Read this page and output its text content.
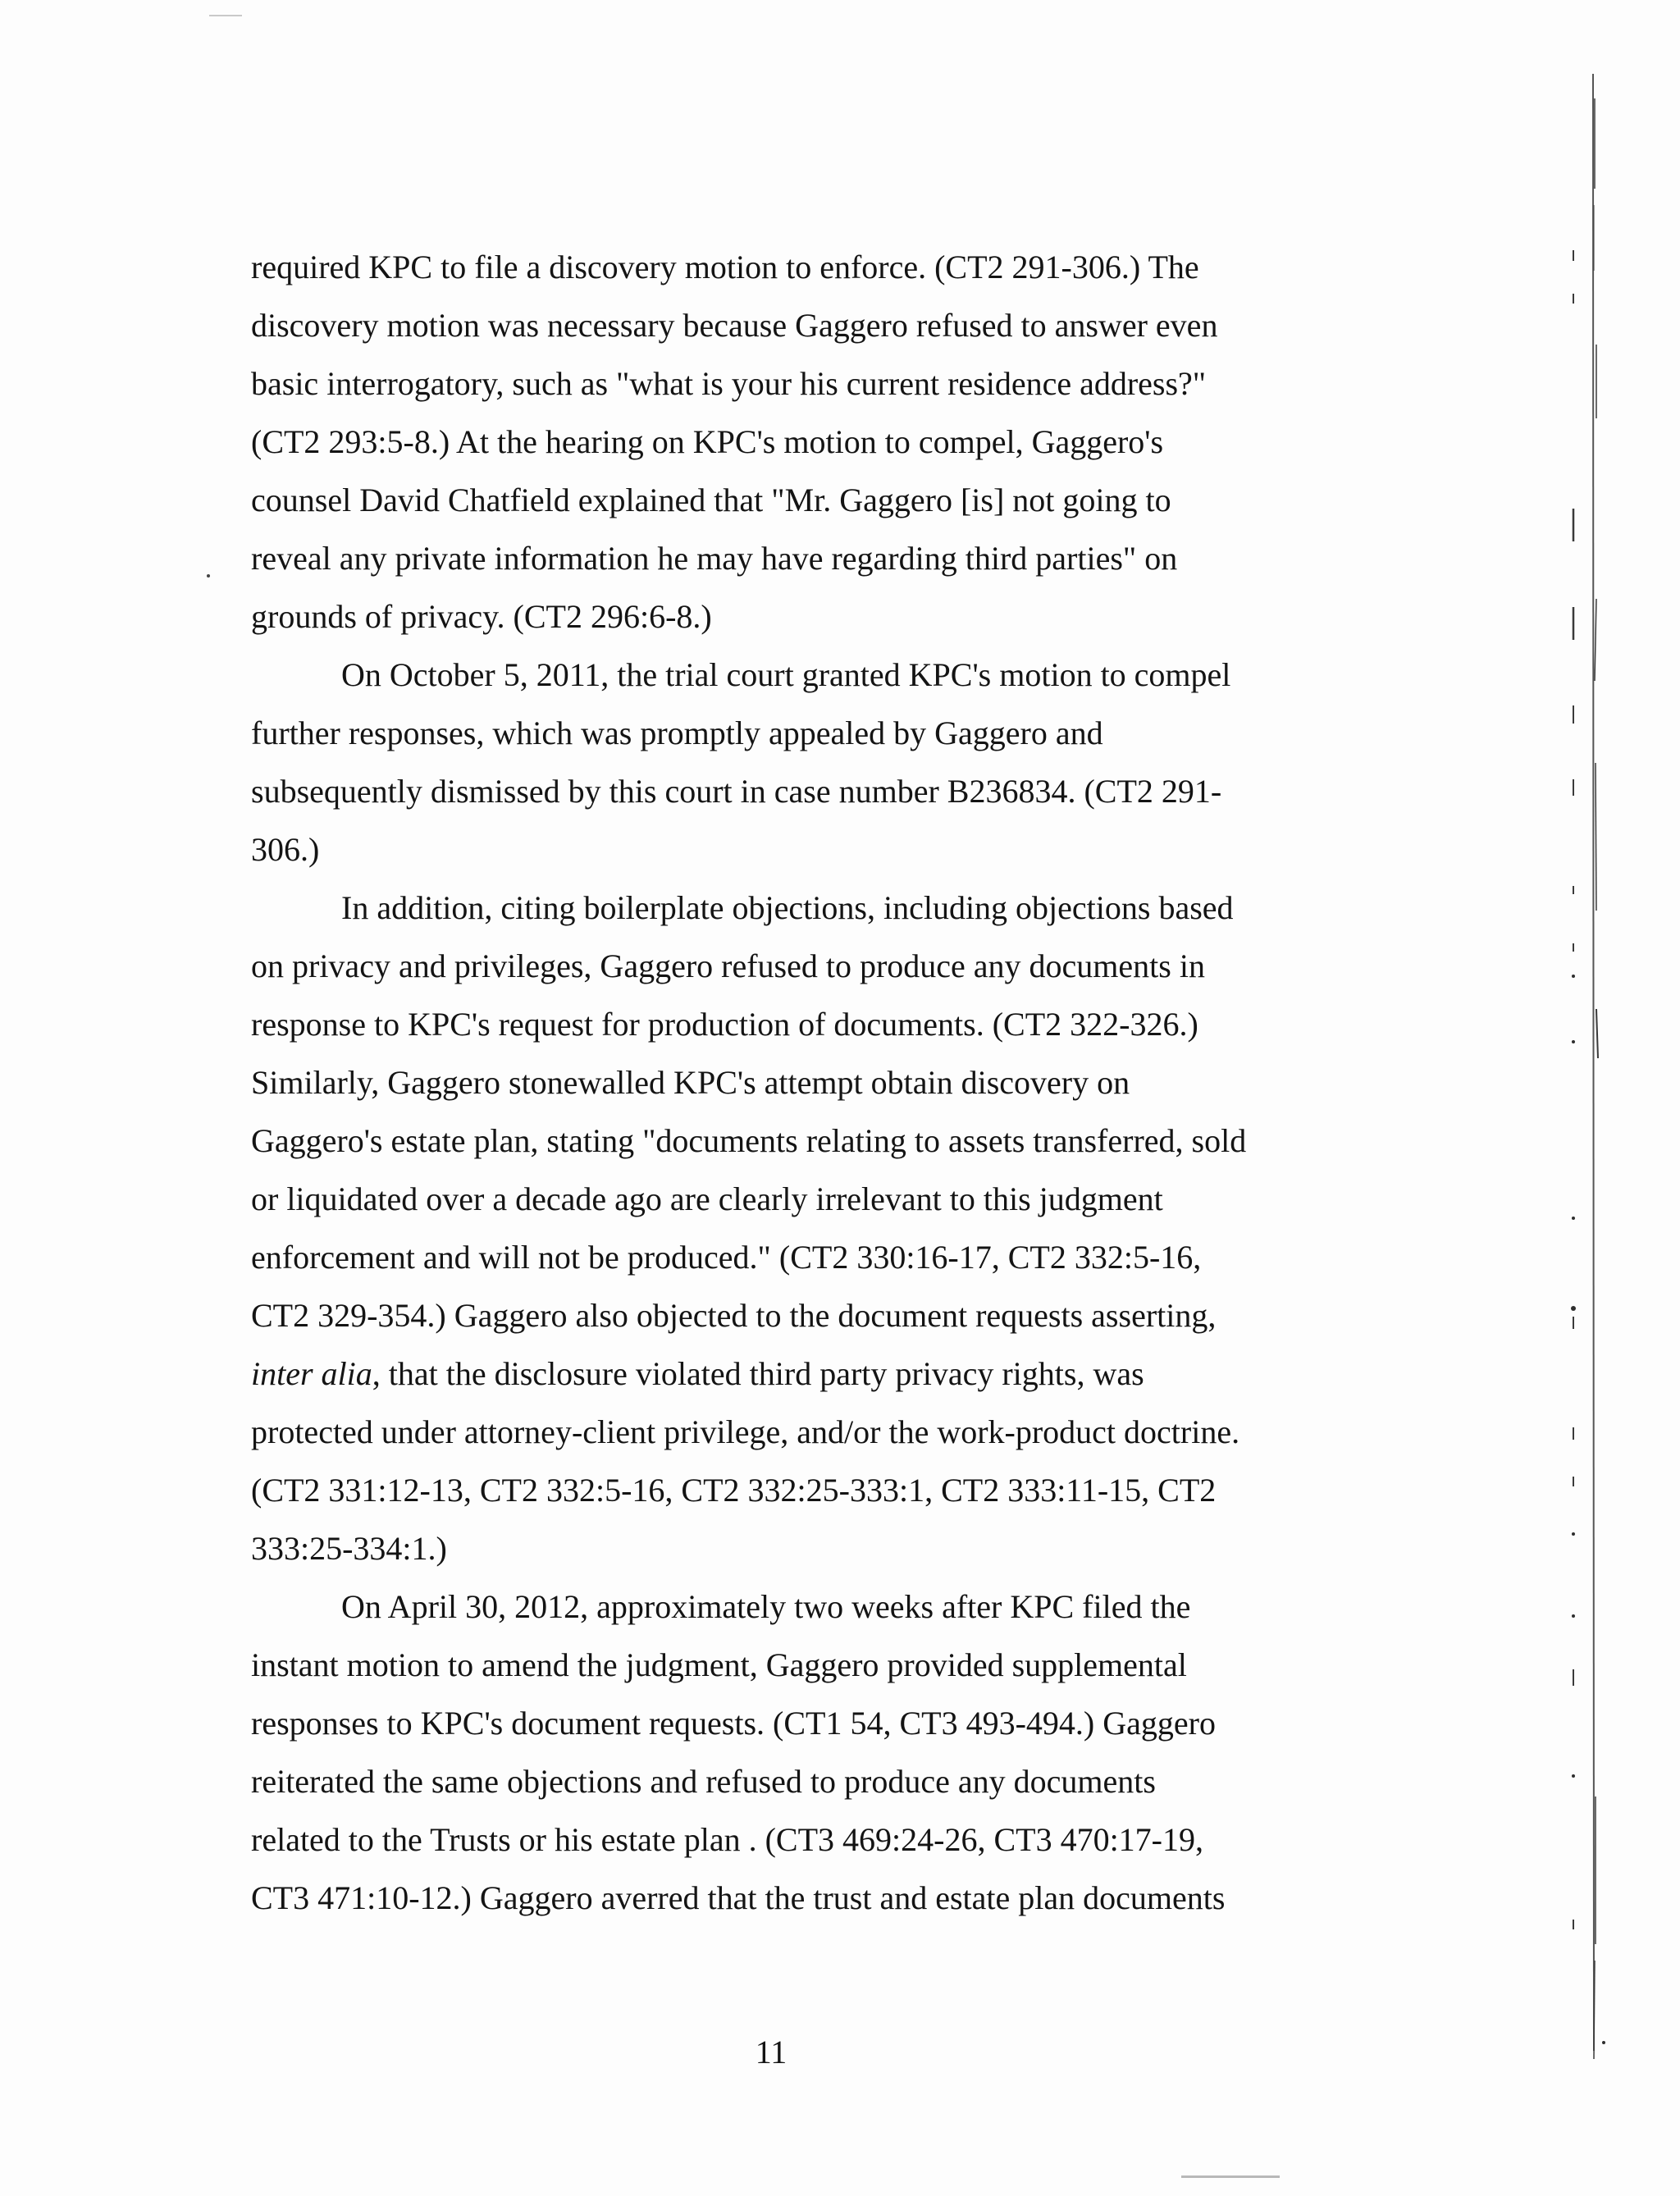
required KPC to file a discovery motion to enforce. (CT2 291-306.) The
discovery motion was necessary because Gaggero refused to answer even
basic interrogatory, such as "what is your his current residence address?"
(CT2 293:5-8.) At the hearing on KPC's motion to compel, Gaggero's
counsel David Chatfield explained that "Mr. Gaggero [is] not going to
reveal any private information he may have regarding third parties" on
grounds of privacy. (CT2 296:6-8.)
On October 5, 2011, the trial court granted KPC's motion to compel
further responses, which was promptly appealed by Gaggero and
subsequently dismissed by this court in case number B236834. (CT2 291-
306.)
In addition, citing boilerplate objections, including objections based
on privacy and privileges, Gaggero refused to produce any documents in
response to KPC's request for production of documents. (CT2 322-326.)
Similarly, Gaggero stonewalled KPC's attempt obtain discovery on
Gaggero's estate plan, stating "documents relating to assets transferred, sold
or liquidated over a decade ago are clearly irrelevant to this judgment
enforcement and will not be produced." (CT2 330:16-17, CT2 332:5-16,
CT2 329-354.) Gaggero also objected to the document requests asserting,
inter alia, that the disclosure violated third party privacy rights, was
protected under attorney-client privilege, and/or the work-product doctrine.
(CT2 331:12-13, CT2 332:5-16, CT2 332:25-333:1, CT2 333:11-15, CT2
333:25-334:1.)
On April 30, 2012, approximately two weeks after KPC filed the
instant motion to amend the judgment, Gaggero provided supplemental
responses to KPC's document requests. (CT1 54, CT3 493-494.) Gaggero
reiterated the same objections and refused to produce any documents
related to the Trusts or his estate plan . (CT3 469:24-26, CT3 470:17-19,
CT3 471:10-12.) Gaggero averred that the trust and estate plan documents
11
